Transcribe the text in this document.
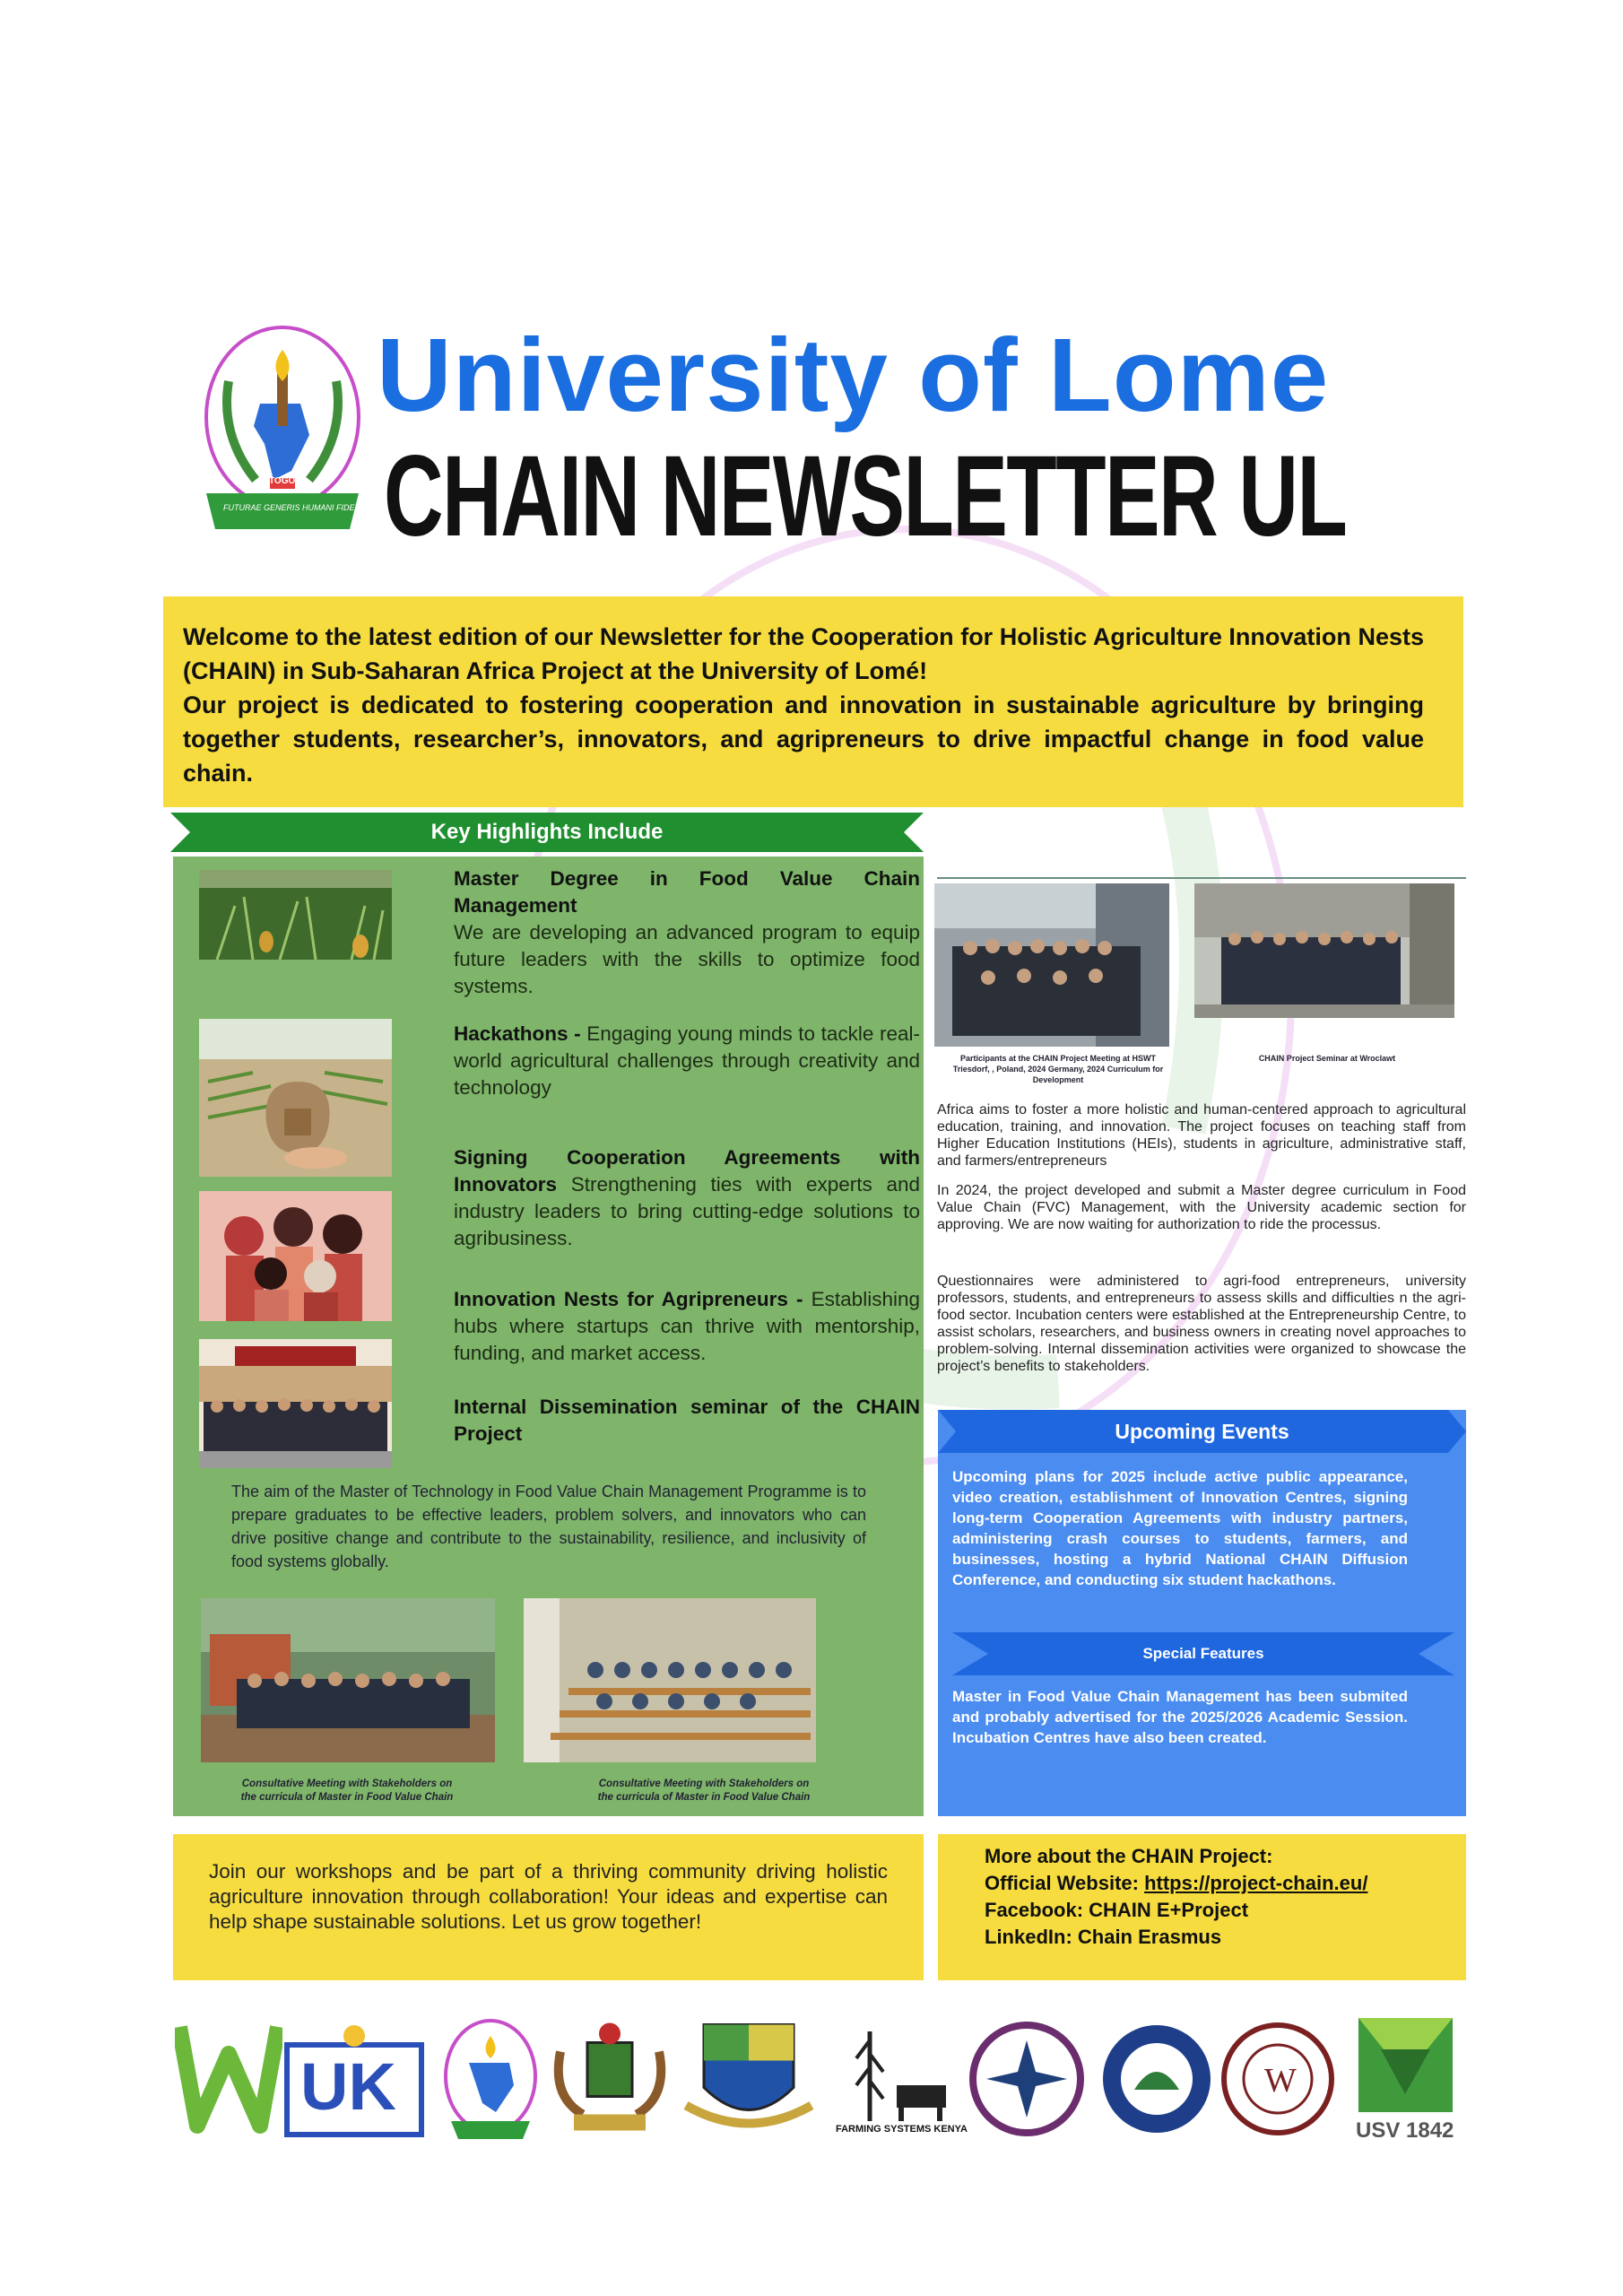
TOGO
FUTURAE GENERIS HUMANI FIDES
University of Lome
CHAIN NEWSLETTER UL

Welcome to the latest edition of our Newsletter for the Cooperation for Holistic Agriculture Innovation Nests (CHAIN) in Sub-Saharan Africa Project at the University of Lomé!

Our project is dedicated to fostering cooperation and innovation in sustainable agriculture by bringing together students, researcher’s, innovators, and agripreneurs to drive impactful change in food value chain.

Key Highlights Include
Master Degree in Food Value Chain Management
We are developing an advanced program to equip future leaders with the skills to optimize food systems.
Hackathons - Engaging young minds to tackle real-world agricultural challenges through creativity and technology
Signing Cooperation Agreements with Innovators Strengthening ties with experts and industry leaders to bring cutting-edge solutions to agribusiness.
Innovation Nests for Agripreneurs - Establishing hubs where startups can thrive with mentorship, funding, and market access.
Internal Dissemination seminar of the CHAIN Project
The aim of the Master of Technology in Food Value Chain Management Programme is to prepare graduates to be effective leaders, problem solvers, and innovators who can drive positive change and contribute to the sustainability, resilience, and inclusivity of food systems globally.
Consultative Meeting with Stakeholders on the curricula of Master in Food Value Chain
Consultative Meeting with Stakeholders on the curricula of Master in Food Value Chain
Participants at the CHAIN Project Meeting at HSWT Triesdorf, , Poland, 2024 Germany, 2024 Curriculum for Development
CHAIN Project Seminar at Wroclawt

Africa aims to foster a more holistic and human-centered approach to agricultural education, training, and innovation. The project focuses on teaching staff from Higher Education Institutions (HEIs), students in agriculture, administrative staff, and farmers/entrepreneurs

In 2024, the project developed and submit a Master degree curriculum in Food Value Chain (FVC) Management, with the University academic section for approving. We are now waiting for authorization to ride the processus.

Questionnaires were administered to agri-food entrepreneurs, university professors, students, and entrepreneurs to assess skills and difficulties n the agri-food sector. Incubation centers were established at the Entrepreneurship Centre, to assist scholars, researchers, and business owners in creating novel approaches to problem-solving. Internal dissemination activities were organized to showcase the project’s benefits to stakeholders.

Upcoming Events
Upcoming plans for 2025 include active public appearance, video creation, establishment of Innovation Centres, signing long-term Cooperation Agreements with industry partners, administering crash courses to students, farmers, and businesses, hosting a hybrid National CHAIN Diffusion Conference, and conducting six student hackathons.
Special Features
Master in Food Value Chain Management has been submited and probably advertised for the 2025/2026 Academic Session. Incubation Centres have also been created.

Join our workshops and be part of a thriving community driving holistic agriculture innovation through collaboration! Your ideas and expertise can help shape sustainable solutions. Let us grow together!

More about the CHAIN Project:
Official Website: https://project-chain.eu/
Facebook: CHAIN E+Project
LinkedIn: Chain Erasmus
UK
FARMING SYSTEMS KENYA
W
USV 1842
